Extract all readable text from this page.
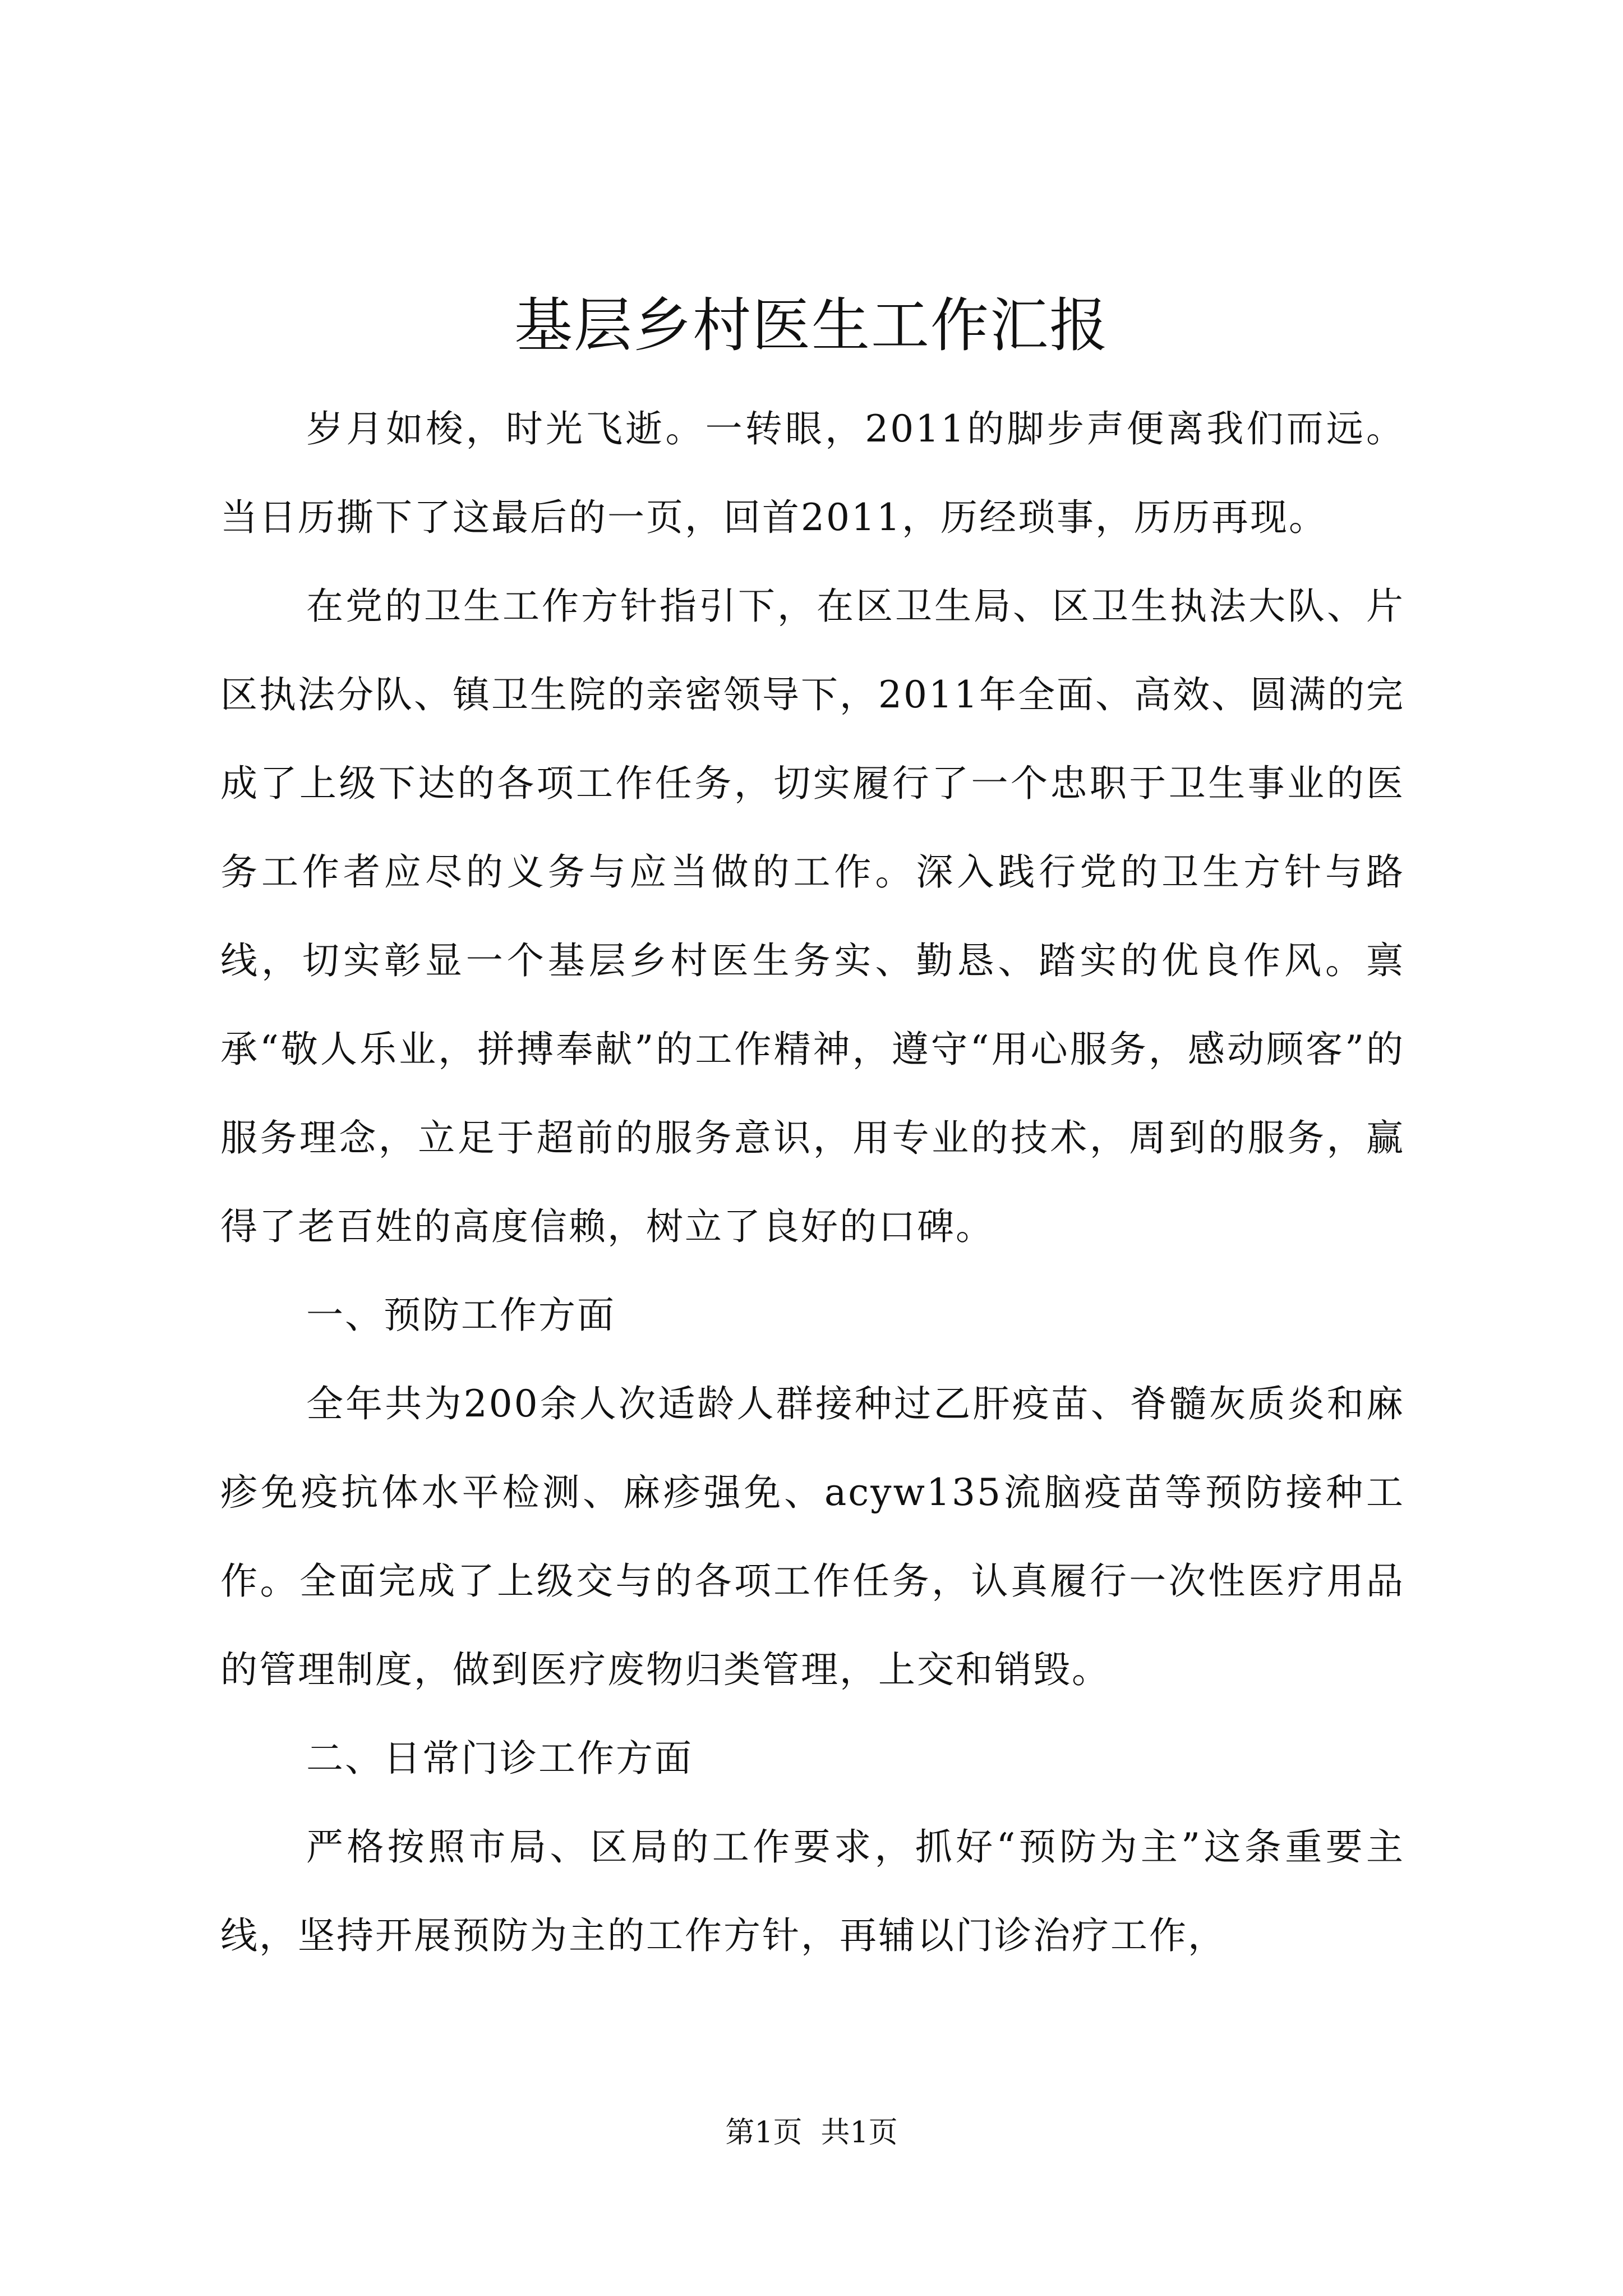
基层乡村医生工作汇报

岁月如梭，时光飞逝。一转眼，2011的脚步声便离我们而远。当日历撕下了这最后的一页，回首2011，历经琐事，历历再现。

在党的卫生工作方针指引下，在区卫生局、区卫生执法大队、片区执法分队、镇卫生院的亲密领导下，2011年全面、高效、圆满的完成了上级下达的各项工作任务，切实履行了一个忠职于卫生事业的医务工作者应尽的义务与应当做的工作。深入践行党的卫生方针与路线，切实彰显一个基层乡村医生务实、勤恳、踏实的优良作风。禀承“敬人乐业，拼搏奉献”的工作精神，遵守“用心服务，感动顾客”的服务理念，立足于超前的服务意识，用专业的技术，周到的服务，赢得了老百姓的高度信赖，树立了良好的口碑。

一、预防工作方面

全年共为200余人次适龄人群接种过乙肝疫苗、脊髓灰质炎和麻疹免疫抗体水平检测、麻疹强免、acyw135流脑疫苗等预防接种工作。全面完成了上级交与的各项工作任务，认真履行一次性医疗用品的管理制度，做到医疗废物归类管理，上交和销毁。

二、日常门诊工作方面

严格按照市局、区局的工作要求，抓好“预防为主”这条重要主线，坚持开展预防为主的工作方针，再辅以门诊治疗工作，

第1页  共1页
